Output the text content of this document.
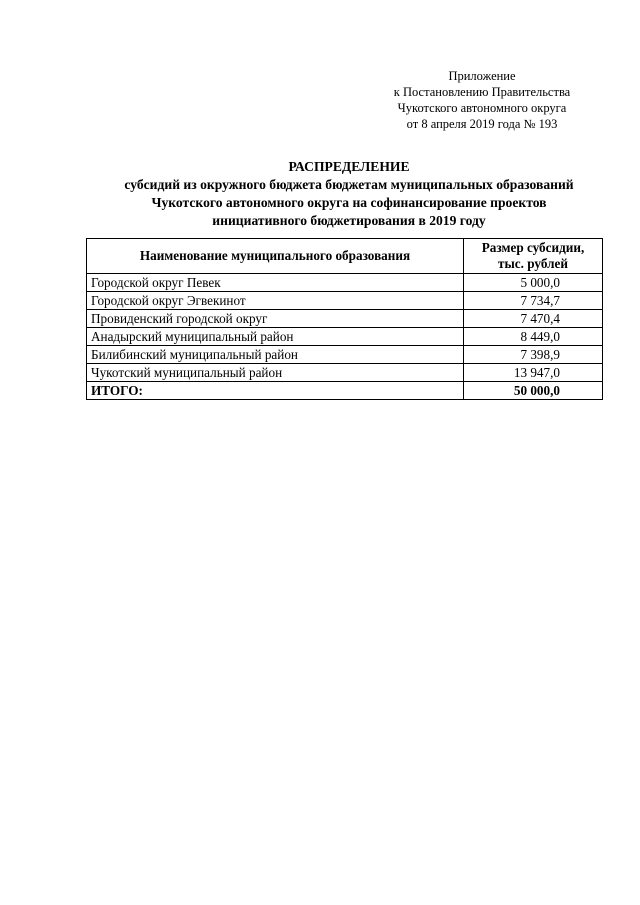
Приложение
к Постановлению Правительства
Чукотского автономного округа
от 8 апреля 2019 года № 193
РАСПРЕДЕЛЕНИЕ
субсидий из окружного бюджета бюджетам муниципальных образований
Чукотского автономного округа на софинансирование проектов
инициативного бюджетирования в 2019 году
Наименование муниципального образования	Размер субсидии,
тыс. рублей

Городской округ Певек	5 000,0
Городской округ Эгвекинот	7 734,7
Провиденский городской округ	7 470,4
Анадырский муниципальный район	8 449,0
Билибинский муниципальный район	7 398,9
Чукотский муниципальный район	13 947,0
ИТОГО:	50 000,0
